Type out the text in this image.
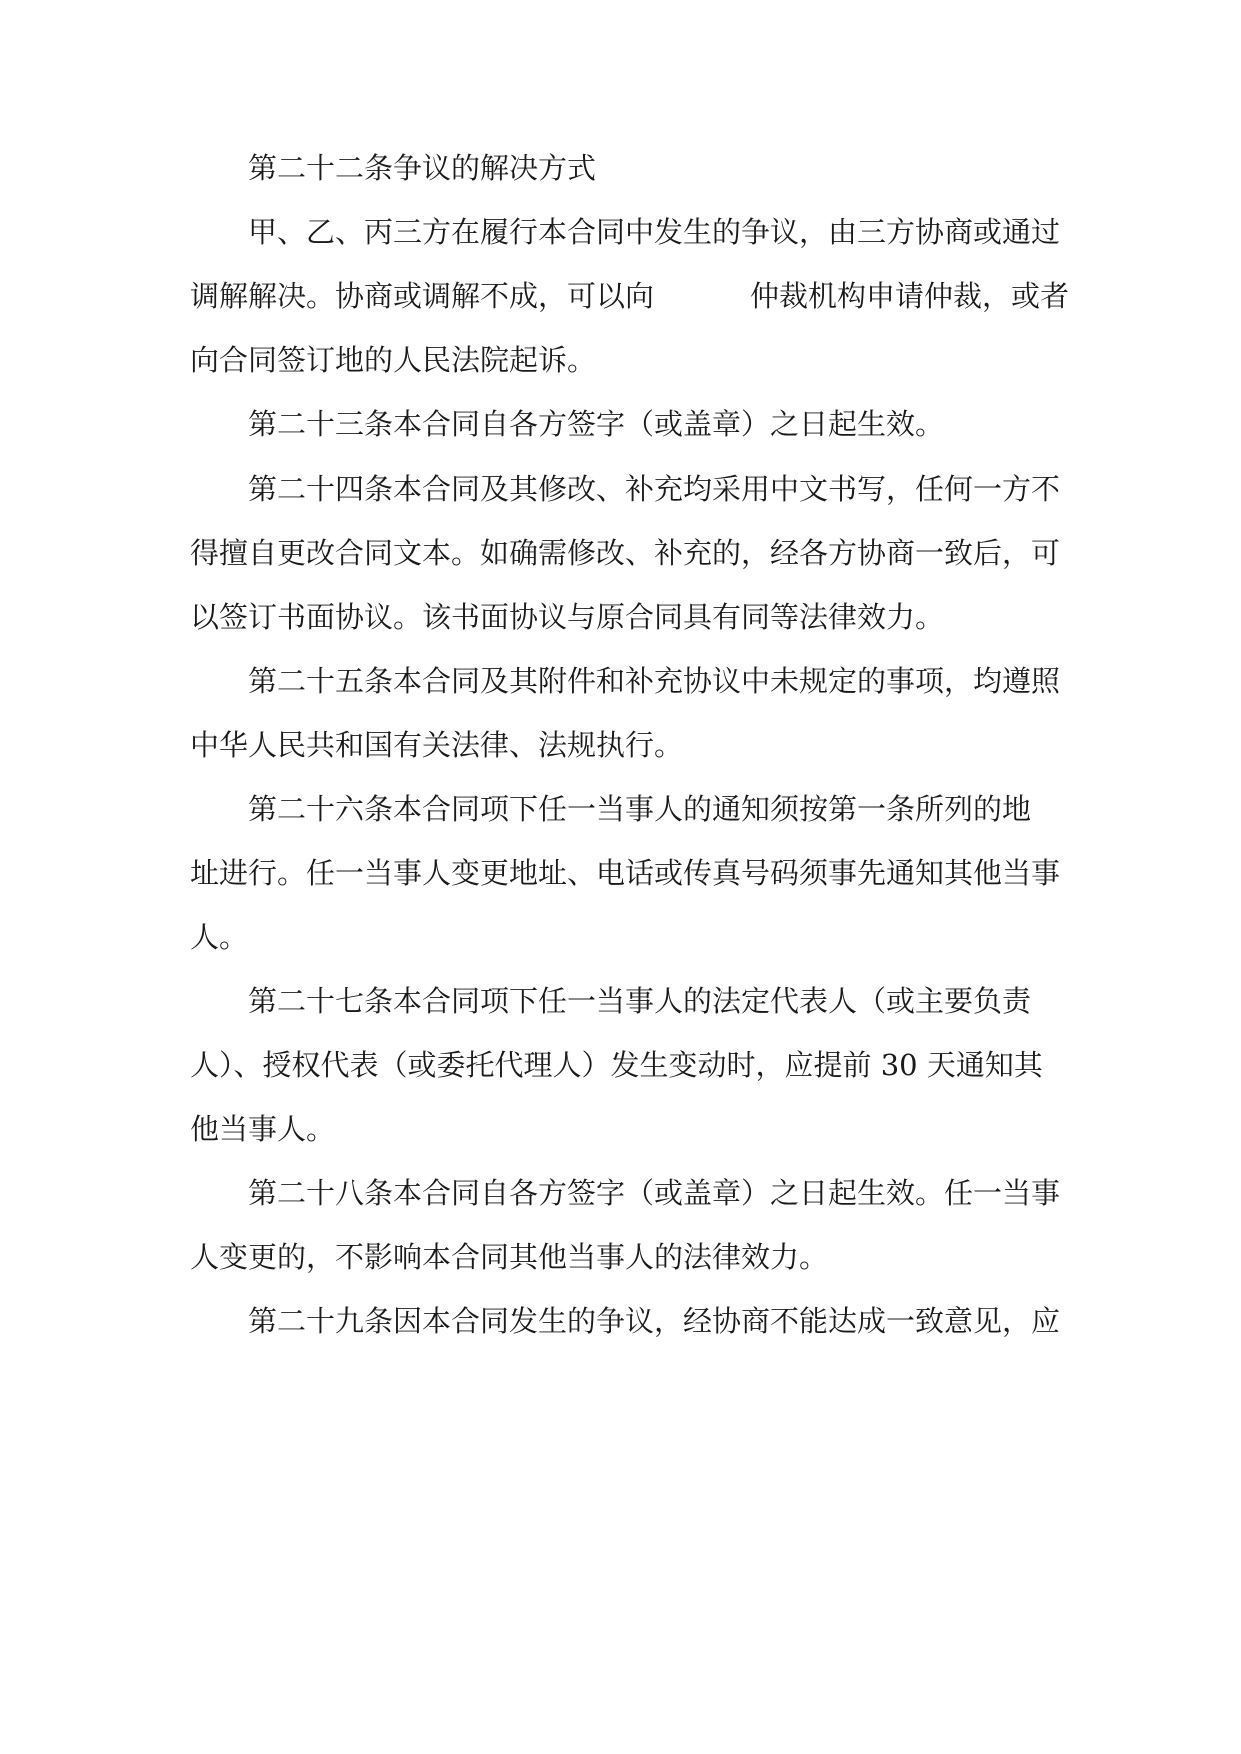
第二十二条争议的解决方式
甲、乙、丙三方在履行本合同中发生的争议，由三方协商或通过
调解解决。协商或调解不成，可以向	仲裁机构申请仲裁，或者
向合同签订地的人民法院起诉。
第二十三条本合同自各方签字（或盖章）之日起生效。
第二十四条本合同及其修改、补充均采用中文书写，任何一方不
得擅自更改合同文本。如确需修改、补充的，经各方协商一致后，可
以签订书面协议。该书面协议与原合同具有同等法律效力。
第二十五条本合同及其附件和补充协议中未规定的事项，均遵照
中华人民共和国有关法律、法规执行。
第二十六条本合同项下任一当事人的通知须按第一条所列的地
址进行。任一当事人变更地址、电话或传真号码须事先通知其他当事
人。
第二十七条本合同项下任一当事人的法定代表人（或主要负责
人）、授权代表（或委托代理人）发生变动时，应提前 30 天通知其
他当事人。
第二十八条本合同自各方签字（或盖章）之日起生效。任一当事
人变更的，不影响本合同其他当事人的法律效力。
第二十九条因本合同发生的争议，经协商不能达成一致意见，应
